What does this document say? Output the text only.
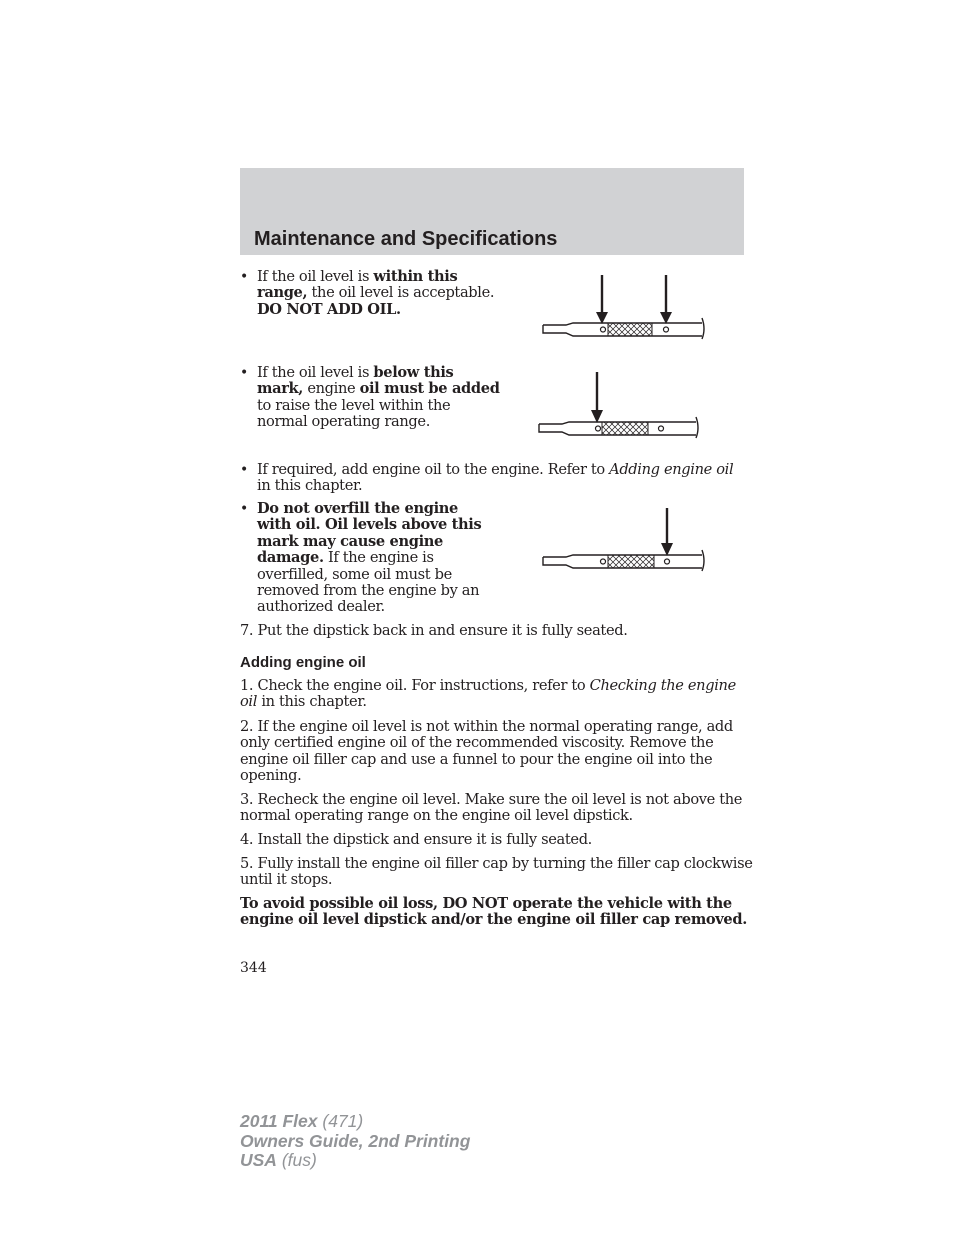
Maintenance and Specifications
• If the oil level is within this
range, the oil level is acceptable.
DO NOT ADD OIL.
• If the oil level is below this
mark, engine oil must be added
to raise the level within the
normal operating range.
• If required, add engine oil to the engine. Refer to Adding engine oil
in this chapter.
• Do not overfill the engine
with oil. Oil levels above this
mark may cause engine
damage. If the engine is
overfilled, some oil must be
removed from the engine by an
authorized dealer.
7. Put the dipstick back in and ensure it is fully seated.
Adding engine oil
1. Check the engine oil. For instructions, refer to Checking the engine
oil in this chapter.
2. If the engine oil level is not within the normal operating range, add
only certified engine oil of the recommended viscosity. Remove the
engine oil filler cap and use a funnel to pour the engine oil into the
opening.
3. Recheck the engine oil level. Make sure the oil level is not above the
normal operating range on the engine oil level dipstick.
4. Install the dipstick and ensure it is fully seated.
5. Fully install the engine oil filler cap by turning the filler cap clockwise
until it stops.
To avoid possible oil loss, DO NOT operate the vehicle with the
engine oil level dipstick and/or the engine oil filler cap removed.
344
2011 Flex (471)
Owners Guide, 2nd Printing
USA (fus)
